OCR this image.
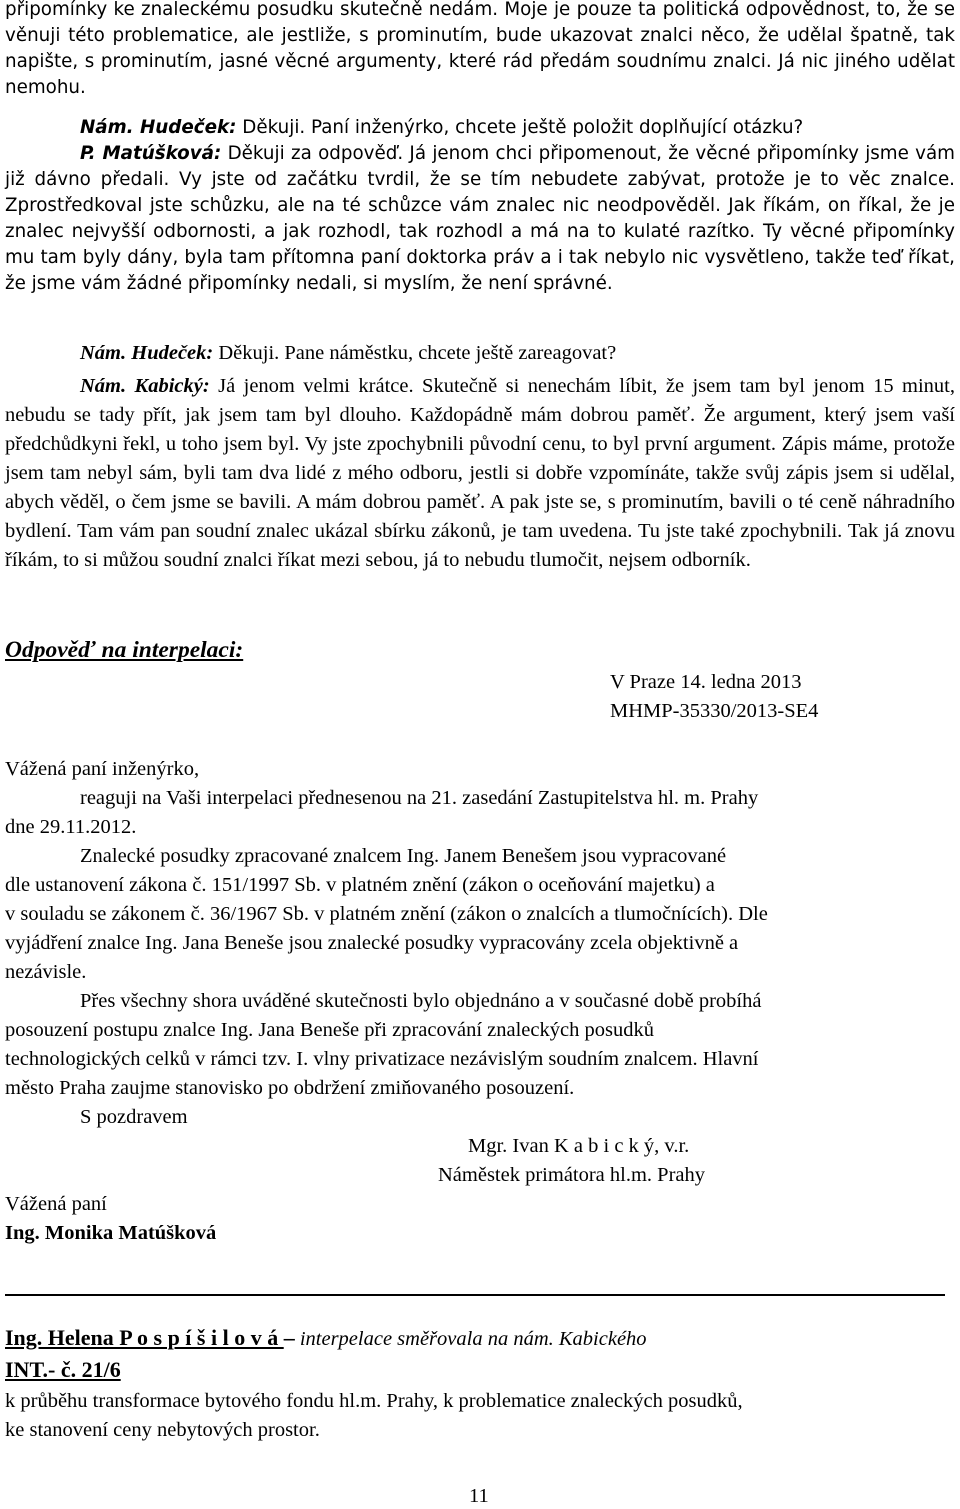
připomínky ke znaleckému posudku skutečně nedám. Moje je pouze ta politická odpovědnost, to, že se věnuji této problematice, ale jestliže, s prominutím, bude ukazovat znalci něco, že udělal špatně, tak napište, s prominutím, jasné věcné argumenty, které rád předám soudnímu znalci. Já nic jiného udělat nemohu.

Nám. Hudeček: Děkuji. Paní inženýrko, chcete ještě položit doplňující otázku?

P. Matúšková: Děkuji za odpověď. Já jenom chci připomenout, že věcné připomínky jsme vám již dávno předali. Vy jste od začátku tvrdil, že se tím nebudete zabývat, protože je to věc znalce. Zprostředkoval jste schůzku, ale na té schůzce vám znalec nic neodpověděl. Jak říkám, on říkal, že je znalec nejvyšší odbornosti, a jak rozhodl, tak rozhodl a má na to kulaté razítko. Ty věcné připomínky mu tam byly dány, byla tam přítomna paní doktorka práv a i tak nebylo nic vysvětleno, takže teď říkat, že jsme vám žádné připomínky nedali, si myslím, že není správné.

Nám. Hudeček: Děkuji. Pane náměstku, chcete ještě zareagovat?

Nám. Kabický: Já jenom velmi krátce. Skutečně si nenechám líbit, že jsem tam byl jenom 15 minut, nebudu se tady přít, jak jsem tam byl dlouho. Každopádně mám dobrou paměť. Že argument, který jsem vaší předchůdkyni řekl, u toho jsem byl. Vy jste zpochybnili původní cenu, to byl první argument. Zápis máme, protože jsem tam nebyl sám, byli tam dva lidé z mého odboru, jestli si dobře vzpomínáte, takže svůj zápis jsem si udělal, abych věděl, o čem jsme se bavili. A mám dobrou paměť. A pak jste se, s prominutím, bavili o té ceně náhradního bydlení. Tam vám pan soudní znalec ukázal sbírku zákonů, je tam uvedena. Tu jste také zpochybnili. Tak já znovu říkám, to si můžou soudní znalci říkat mezi sebou, já to nebudu tlumočit, nejsem odborník.

Odpověď na interpelaci:
V Praze 14. ledna 2013
MHMP-35330/2013-SE4
Vážená paní inženýrko,
reaguji na Vaši interpelaci přednesenou na 21. zasedání Zastupitelstva hl. m. Prahy
dne 29.11.2012.
Znalecké posudky zpracované znalcem Ing. Janem Benešem jsou vypracované
dle ustanovení zákona č. 151/1997 Sb. v platném znění (zákon o oceňování majetku) a
v souladu se zákonem č. 36/1967 Sb. v platném znění (zákon o znalcích a tlumočnících). Dle
vyjádření znalce Ing. Jana Beneše jsou znalecké posudky vypracovány zcela objektivně a
nezávisle.
Přes všechny shora uváděné skutečnosti bylo objednáno a v současné době probíhá
posouzení postupu znalce Ing. Jana Beneše při zpracování znaleckých posudků
technologických celků v rámci tzv. I. vlny privatizace nezávislým soudním znalcem. Hlavní
město Praha zaujme stanovisko po obdržení zmiňovaného posouzení.
S pozdravem
Mgr. Ivan K a b i c k ý, v.r.
Náměstek primátora hl.m. Prahy
Vážená paní
Ing. Monika Matúšková
Ing. Helena P o s p í š i l o v á – interpelace směřovala na nám. Kabického
INT.- č. 21/6
k průběhu transformace bytového fondu hl.m. Prahy, k problematice znaleckých posudků,
ke stanovení ceny nebytových prostor.
11
